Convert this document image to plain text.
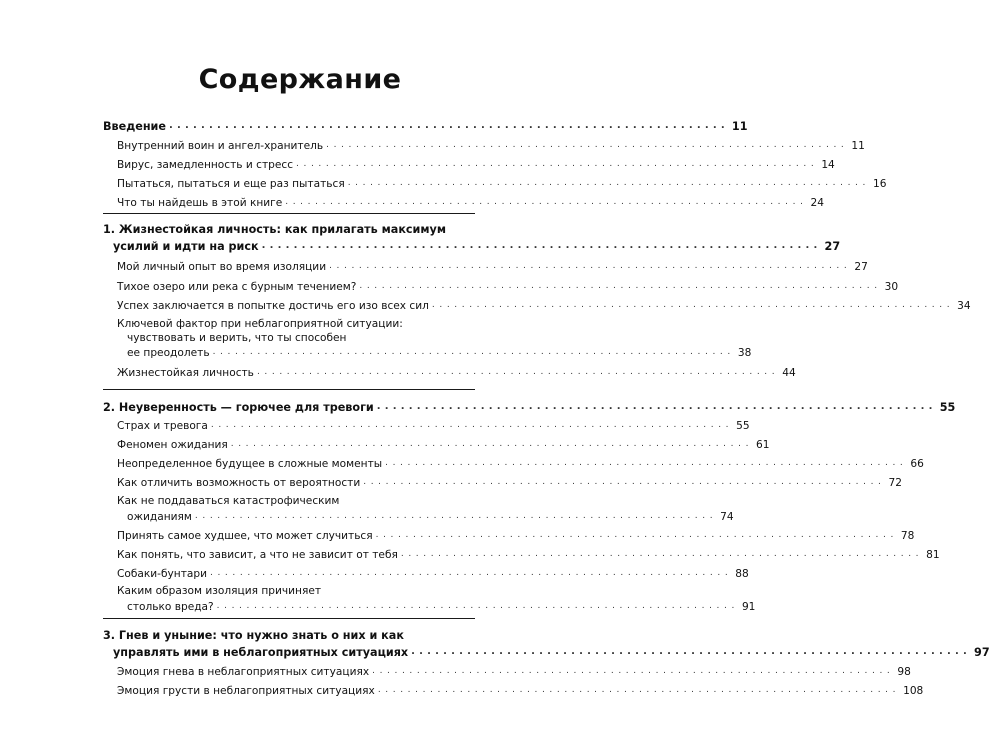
Содержание
Введение ...................................................................... 11
Внутренний воин и ангел-хранитель ...................................................................... 11
Вирус, замедленность и стресс ...................................................................... 14
Пытаться, пытаться и еще раз пытаться ...................................................................... 16
Что ты найдешь в этой книге ...................................................................... 24
1. Жизнестойкая личность: как прилагать максимум
усилий и идти на риск ...................................................................... 27
Мой личный опыт во время изоляции ...................................................................... 27
Тихое озеро или река с бурным течением? ...................................................................... 30
Успех заключается в попытке достичь его изо всех сил ...................................................................... 34
Ключевой фактор при неблагоприятной ситуации:
чувствовать и верить, что ты способен
ее преодолеть ...................................................................... 38
Жизнестойкая личность ...................................................................... 44
2. Неуверенность — горючее для тревоги ...................................................................... 55
Страх и тревога ...................................................................... 55
Феномен ожидания ...................................................................... 61
Неопределенное будущее в сложные моменты ...................................................................... 66
Как отличить возможность от вероятности ...................................................................... 72
Как не поддаваться катастрофическим
ожиданиям ...................................................................... 74
Принять самое худшее, что может случиться ...................................................................... 78
Как понять, что зависит, а что не зависит от тебя ...................................................................... 81
Собаки-бунтари ...................................................................... 88
Каким образом изоляция причиняет
столько вреда? ...................................................................... 91
3. Гнев и уныние: что нужно знать о них и как
управлять ими в неблагоприятных ситуациях ...................................................................... 97
Эмоция гнева в неблагоприятных ситуациях ...................................................................... 98
Эмоция грусти в неблагоприятных ситуациях ...................................................................... 108
